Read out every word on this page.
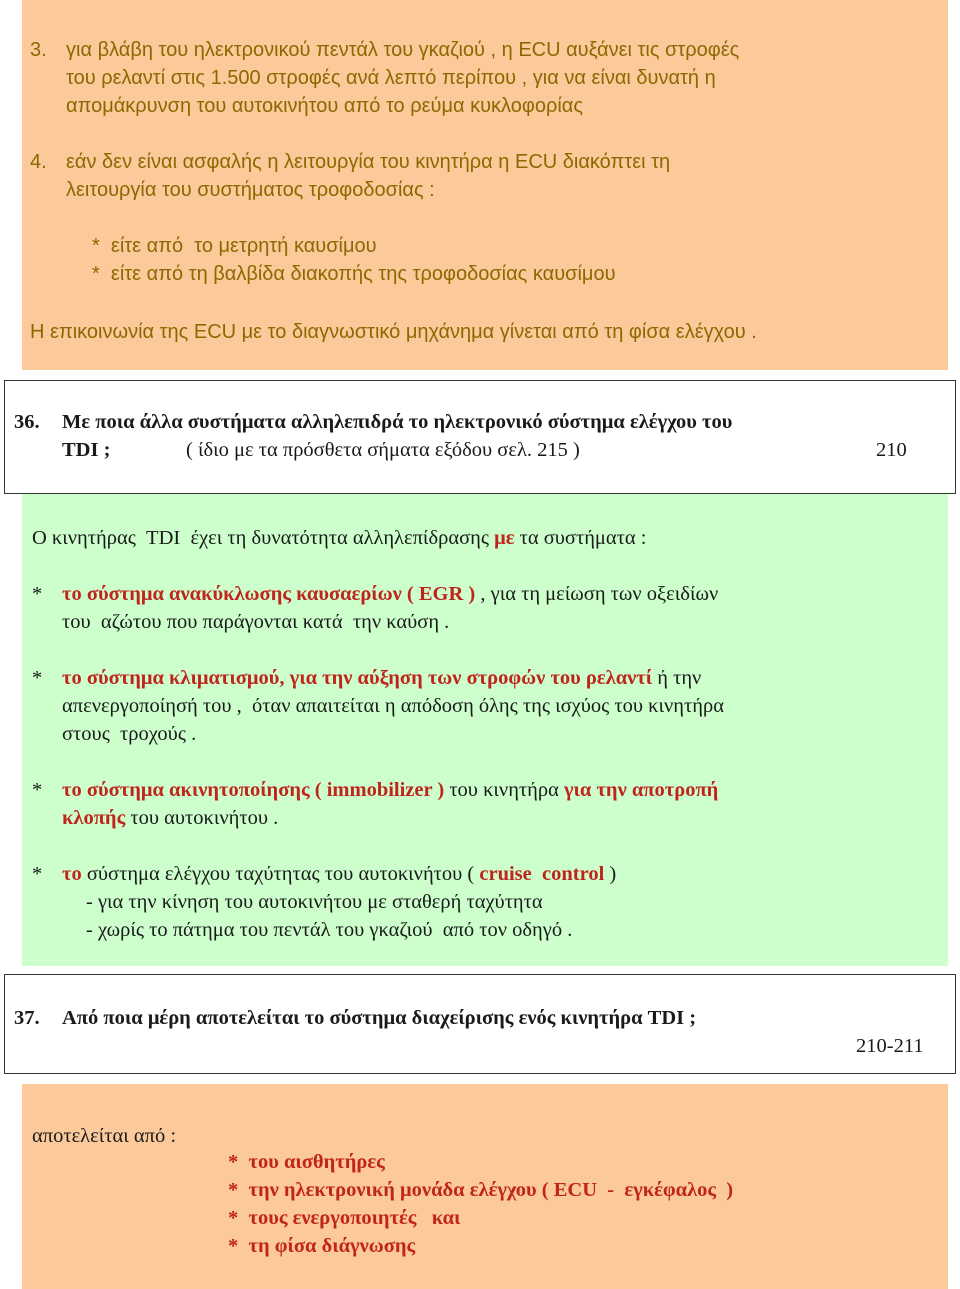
3. για βλάβη του ηλεκτρονικού πεντάλ του γκαζιού , η ECU αυξάνει τις στροφές
του ρελαντί στις 1.500 στροφές ανά λεπτό περίπου , για να είναι δυνατή η
απομάκρυνση του αυτοκινήτου από το ρεύμα κυκλοφορίας
4. εάν δεν είναι ασφαλής η λειτουργία του κινητήρα η ECU διακόπτει τη
λειτουργία του συστήματος τροφοδοσίας :
*  είτε από  το μετρητή καυσίμου
*  είτε από τη βαλβίδα διακοπής της τροφοδοσίας καυσίμου
Η επικοινωνία της ECU με το διαγνωστικό μηχάνημα γίνεται από τη φίσα ελέγχου .
36. Με ποια άλλα συστήματα αλληλεπιδρά το ηλεκτρονικό σύστημα ελέγχου του
TDI ;	( ίδιο με τα πρόσθετα σήματα εξόδου σελ. 215 )	210
Ο κινητήρας  TDI  έχει τη δυνατότητα αλληλεπίδρασης με τα συστήματα :
* το σύστημα ανακύκλωσης καυσαερίων ( EGR ) , για τη μείωση των οξειδίων
του  αζώτου που παράγονται κατά  την καύση .
* το σύστημα κλιματισμού, για την αύξηση των στροφών του ρελαντί ή την
απενεργοποίησή του ,  όταν απαιτείται η απόδοση όλης της ισχύος του κινητήρα
στους  τροχούς .
* το σύστημα ακινητοποίησης ( immobilizer ) του κινητήρα για την αποτροπή
κλοπής του αυτοκινήτου .
* το σύστημα ελέγχου ταχύτητας του αυτοκινήτου ( cruise  control )
- για την κίνηση του αυτοκινήτου με σταθερή ταχύτητα
- χωρίς το πάτημα του πεντάλ του γκαζιού  από τον οδηγό .
37. Από ποια μέρη αποτελείται το σύστημα διαχείρισης ενός κινητήρα TDI ;
210-211
αποτελείται από :
*  του αισθητήρες
*  την ηλεκτρονική μονάδα ελέγχου ( ECU  -  εγκέφαλος  )
*  τους ενεργοποιητές   και
*  τη φίσα διάγνωσης
